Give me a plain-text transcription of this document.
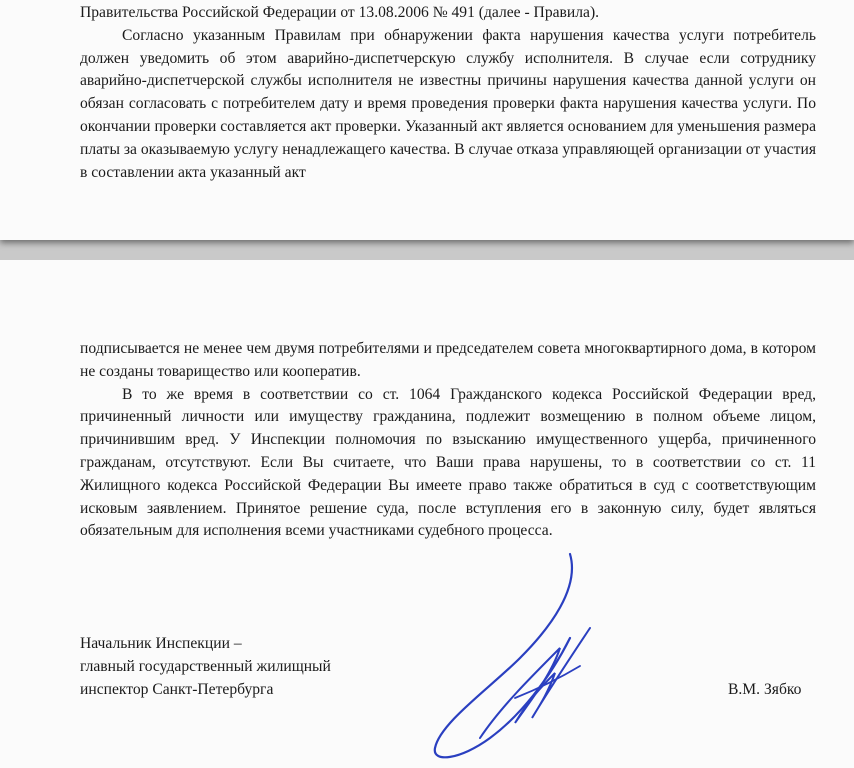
Правительства Российской Федерации от 13.08.2006 № 491 (далее - Правила).

Согласно указанным Правилам при обнаружении факта нарушения качества услуги потребитель должен уведомить об этом аварийно-диспетчерскую службу исполнителя. В случае если сотруднику аварийно-диспетчерской службы исполнителя не известны причины нарушения качества данной услуги он обязан согласовать с потребителем дату и время проведения проверки факта нарушения качества услуги. По окончании проверки составляется акт проверки. Указанный акт является основанием для уменьшения размера платы за оказываемую услугу ненадлежащего качества. В случае отказа управляющей организации от участия в составлении акта указанный акт

подписывается не менее чем двумя потребителями и председателем совета многоквартирного дома, в котором не созданы товарищество или кооператив.

В то же время в соответствии со ст. 1064 Гражданского кодекса Российской Федерации вред, причиненный личности или имуществу гражданина, подлежит возмещению в полном объеме лицом, причинившим вред. У Инспекции полномочия по взысканию имущественного ущерба, причиненного гражданам, отсутствуют. Если Вы считаете, что Ваши права нарушены, то в соответствии со ст. 11 Жилищного кодекса Российской Федерации Вы имеете право также обратиться в суд с соответствующим исковым заявлением. Принятое решение суда, после вступления его в законную силу, будет являться обязательным для исполнения всеми участниками судебного процесса.

Начальник Инспекции –
главный государственный жилищный
инспектор Санкт-Петербурга	В.М. Зябко
